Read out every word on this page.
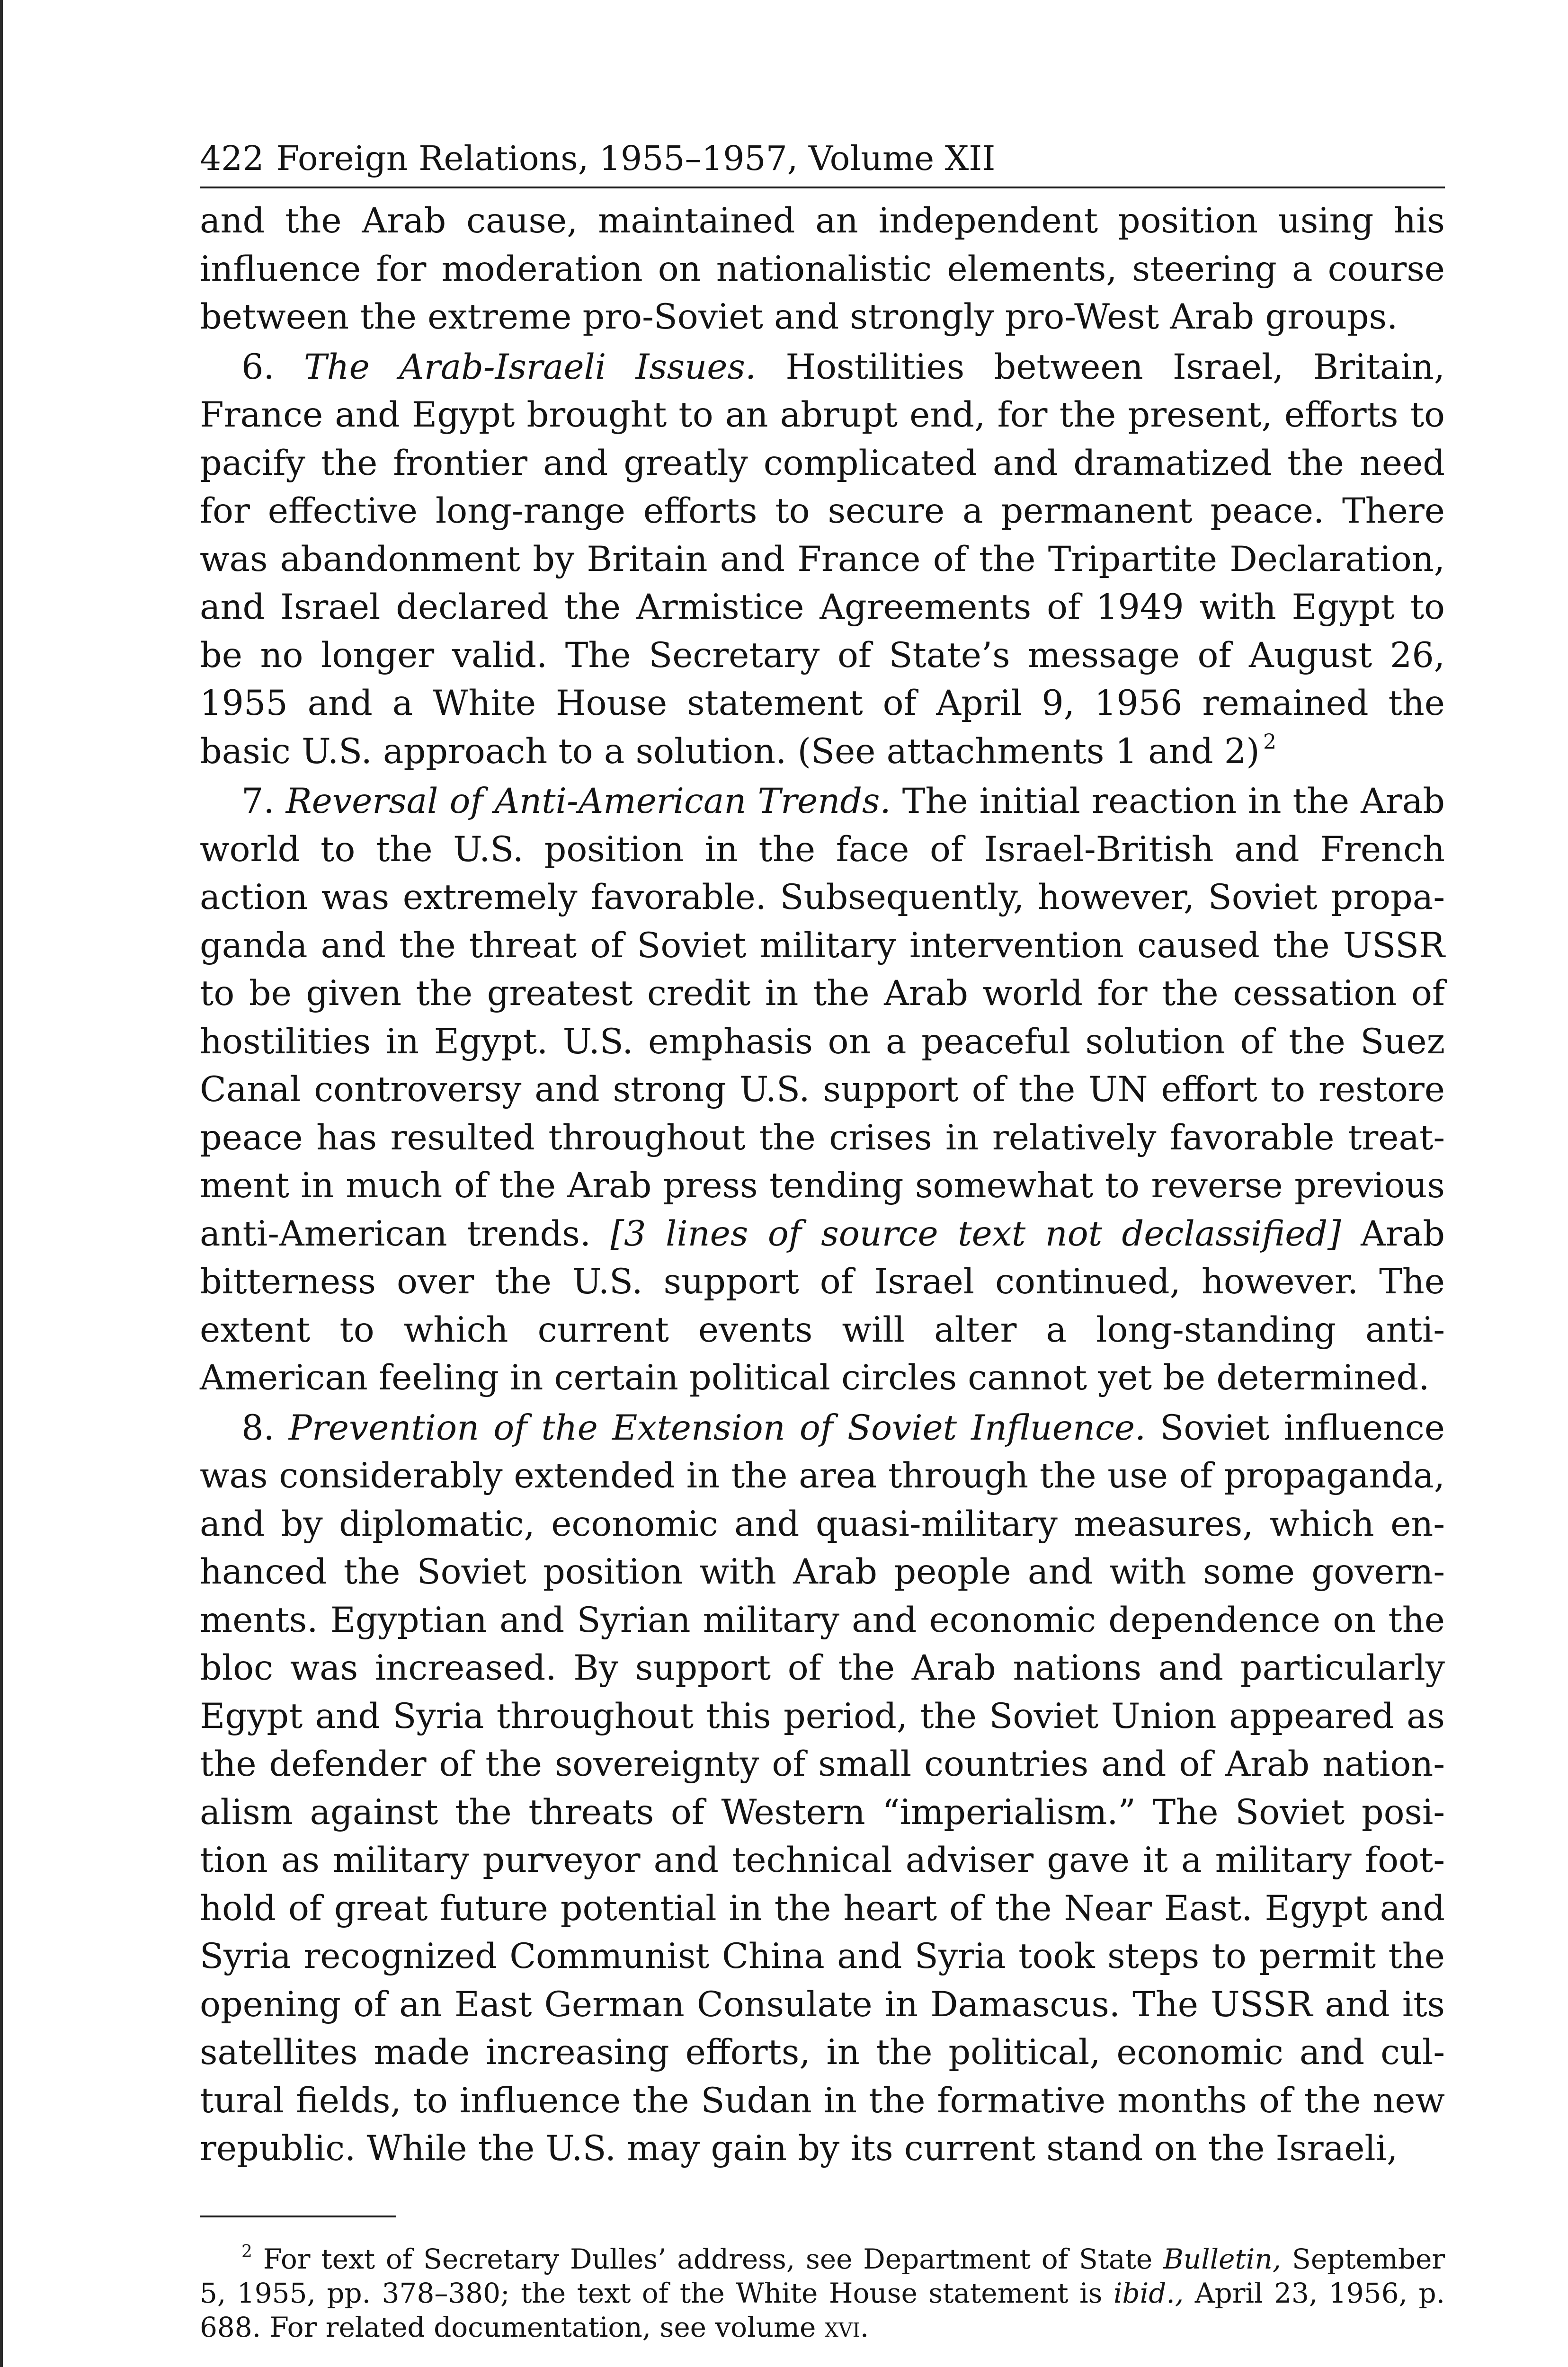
422 Foreign Relations, 1955–1957, Volume XII

and the Arab cause, maintained an independent position using his influence for moderation on nationalistic elements, steering a course between the extreme pro-Soviet and strongly pro-West Arab groups.

6. The Arab-Israeli Issues. Hostilities between Israel, Britain, France and Egypt brought to an abrupt end, for the present, efforts to pacify the frontier and greatly complicated and dramatized the need for effective long-range efforts to secure a permanent peace. There was abandonment by Britain and France of the Tripartite Declaration, and Israel declared the Armistice Agreements of 1949 with Egypt to be no longer valid. The Secretary of State’s message of August 26, 1955 and a White House statement of April 9, 1956 remained the basic U.S. approach to a solution. (See attachments 1 and 2)  $^2$

7. Reversal of Anti-American Trends. The initial reaction in the Arab world to the U.S. position in the face of Israel-British and French action was extremely favorable. Subsequently, however, Soviet propaganda and the threat of Soviet military intervention caused the USSR to be given the greatest credit in the Arab world for the cessation of hostilities in Egypt. U.S. emphasis on a peaceful solution of the Suez Canal controversy and strong U.S. support of the UN effort to restore peace has resulted throughout the crises in relatively favorable treatment in much of the Arab press tending somewhat to reverse previous anti-American trends. [3 lines of source text not declassified] Arab bitterness over the U.S. support of Israel continued, however. The extent to which current events will alter a long-standing anti-American feeling in certain political circles cannot yet be determined.

8. Prevention of the Extension of Soviet Influence. Soviet influence was considerably extended in the area through the use of propaganda, and by diplomatic, economic and quasi-military measures, which enhanced the Soviet position with Arab people and with some governments. Egyptian and Syrian military and economic dependence on the bloc was increased. By support of the Arab nations and particularly Egypt and Syria throughout this period, the Soviet Union appeared as the defender of the sovereignty of small countries and of Arab nationalism against the threats of Western “imperialism.” The Soviet position as military purveyor and technical adviser gave it a military foothold of great future potential in the heart of the Near East. Egypt and Syria recognized Communist China and Syria took steps to permit the opening of an East German Consulate in Damascus. The USSR and its satellites made increasing efforts, in the political, economic and cultural fields, to influence the Sudan in the formative months of the new republic. While the U.S. may gain by its current stand on the Israeli,

$^2$ For text of Secretary Dulles’ address, see Department of State Bulletin, September 5, 1955, pp. 378–380; the text of the White House statement is ibid., April 23, 1956, p. 688. For related documentation, see volume xvi.
